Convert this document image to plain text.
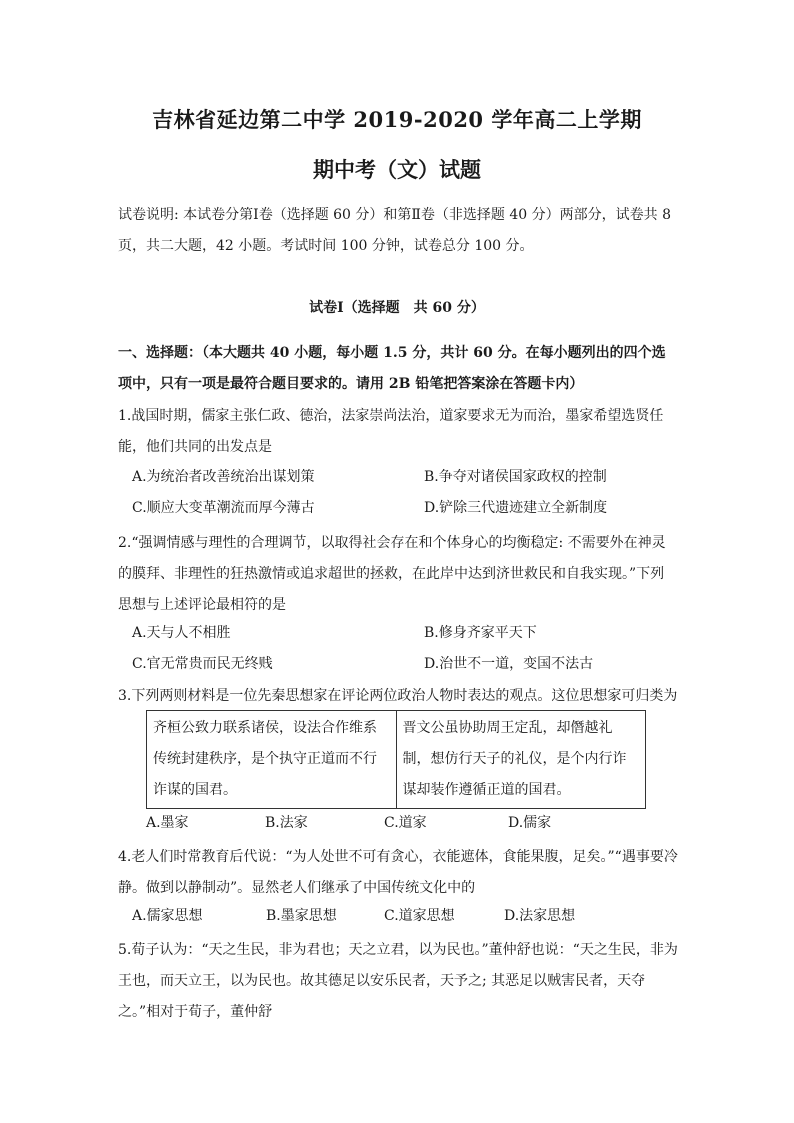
吉林省延边第二中学 2019-2020 学年高二上学期
期中考（文）试题
试卷说明: 本试卷分第Ⅰ卷（选择题 60 分）和第Ⅱ卷（非选择题 40 分）两部分，试卷共 8 页，共二大题，42 小题。考试时间 100 分钟，试卷总分 100 分。
试卷Ⅰ（选择题　共 60 分）
一、选择题：（本大题共 40 小题，每小题 1.5 分，共计 60 分。在每小题列出的四个选项中，只有一项是最符合题目要求的。请用 2B 铅笔把答案涂在答题卡内）
1.战国时期，儒家主张仁政、德治，法家崇尚法治，道家要求无为而治，墨家希望选贤任能，他们共同的出发点是
A.为统治者改善统治出谋划策	B.争夺对诸侯国家政权的控制
C.顺应大变革潮流而厚今薄古	D.铲除三代遗迹建立全新制度
2.“强调情感与理性的合理调节，以取得社会存在和个体身心的均衡稳定: 不需要外在神灵的膜拜、非理性的狂热激情或追求超世的拯救，在此岸中达到济世救民和自我实现。”下列思想与上述评论最相符的是
A.天与人不相胜	B.修身齐家平天下
C.官无常贵而民无终贱	D.治世不一道，变国不法古
3.下列两则材料是一位先秦思想家在评论两位政治人物时表达的观点。这位思想家可归类为
齐桓公致力联系诸侯，设法合作维系传统封建秩序，是个执守正道而不行诈谋的国君。	晋文公虽协助周王定乱，却僭越礼制，想仿行天子的礼仪，是个内行诈谋却装作遵循正道的国君。
A.墨家	B.法家	C.道家	D.儒家
4.老人们时常教育后代说：“为人处世不可有贪心，衣能遮体，食能果腹，足矣。”“遇事要冷静。做到以静制动”。显然老人们继承了中国传统文化中的
A.儒家思想	B.墨家思想	C.道家思想	D.法家思想
5.荀子认为：“天之生民，非为君也；天之立君，以为民也。”董仲舒也说：“天之生民，非为王也，而天立王，以为民也。故其德足以安乐民者，天予之; 其恶足以贼害民者，天夺之。”相对于荀子，董仲舒
